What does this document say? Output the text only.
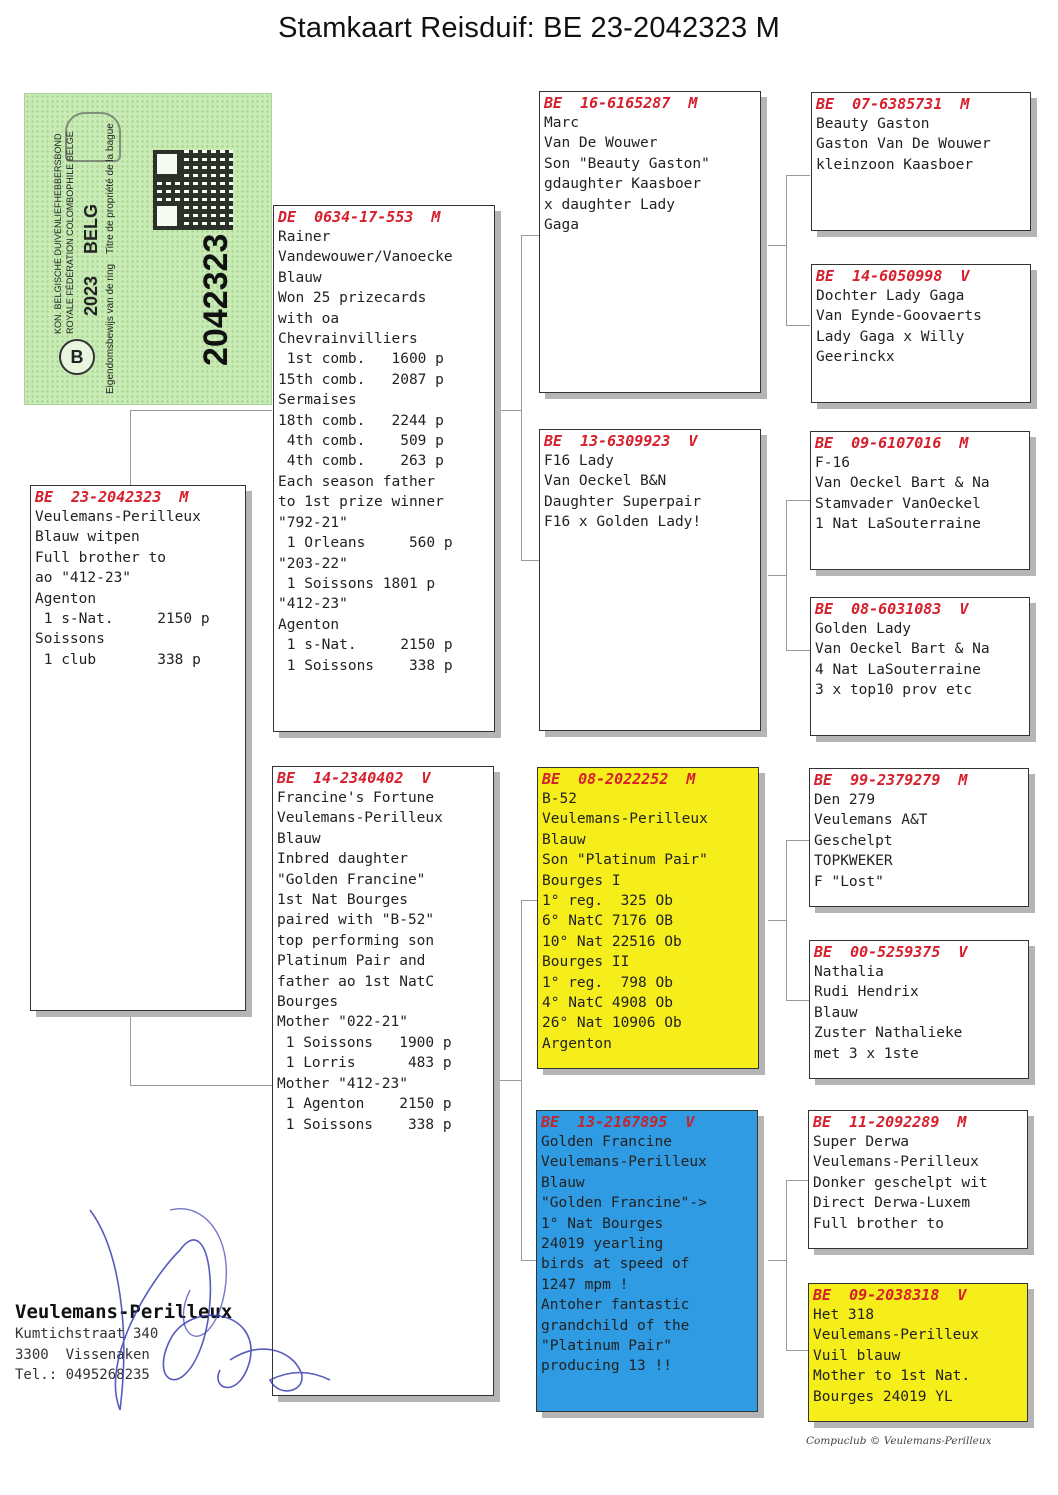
Stamkaart Reisduif: BE 23-2042323 M
B
KON. BELGISCHE DUIVENLIEFHEBBERSBOND ROYALE FÉDÉRATION COLOMBOPHILE BELGE 2023
BELG
Eigendomsbewijs van de ring
Titre de propriété de la bague
2042323
BE 23-2042323 M
Veulemans-Perilleux
Blauw witpen
Full brother to
ao "412-23"
Agenton
1 s-Nat.     2150 p
Soissons
1 club       338 p
DE 0634-17-553 M
Rainer
Vandewouwer/Vanoecke
Blauw
Won 25 prizecards
with oa
Chevrainvilliers
1st comb.   1600 p
15th comb.   2087 p
Sermaises
18th comb.   2244 p
4th comb.    509 p
4th comb.    263 p
Each season father
to 1st prize winner
"792-21"
1 Orleans     560 p
"203-22"
1 Soissons 1801 p
"412-23"
Agenton
1 s-Nat.     2150 p
1 Soissons    338 p
BE 14-2340402 V
Francine's Fortune
Veulemans-Perilleux
Blauw
Inbred daughter
"Golden Francine"
1st Nat Bourges
paired with "B-52"
top performing son
Platinum Pair and
father ao 1st NatC
Bourges
Mother "022-21"
1 Soissons   1900 p
1 Lorris      483 p
Mother "412-23"
1 Agenton    2150 p
1 Soissons    338 p
BE 16-6165287 M
Marc
Van De Wouwer
Son "Beauty Gaston"
gdaughter Kaasboer
x daughter Lady
Gaga
BE 13-6309923 V
F16 Lady
Van Oeckel B&N
Daughter Superpair
F16 x Golden Lady!
BE 08-2022252 M
B-52
Veulemans-Perilleux
Blauw
Son "Platinum Pair"
Bourges I
1° reg.  325 Ob
6° NatC 7176 OB
10° Nat 22516 Ob
Bourges II
1° reg.  798 Ob
4° NatC 4908 Ob
26° Nat 10906 Ob
Argenton
BE 13-2167895 V
Golden Francine
Veulemans-Perilleux
Blauw
"Golden Francine"->
1° Nat Bourges
24019 yearling
birds at speed of
1247 mpm !
Antoher fantastic
grandchild of the
"Platinum Pair"
producing 13 !!
BE 07-6385731 M
Beauty Gaston
Gaston Van De Wouwer
kleinzoon Kaasboer
BE 14-6050998 V
Dochter Lady Gaga
Van Eynde-Goovaerts
Lady Gaga x Willy
Geerinckx
BE 09-6107016 M
F-16
Van Oeckel Bart & Na
Stamvader VanOeckel
1 Nat LaSouterraine
BE 08-6031083 V
Golden Lady
Van Oeckel Bart & Na
4 Nat LaSouterraine
3 x top10 prov etc
BE 99-2379279 M
Den 279
Veulemans A&T
Geschelpt
TOPKWEKER
F "Lost"
BE 00-5259375 V
Nathalia
Rudi Hendrix
Blauw
Zuster Nathalieke
met 3 x 1ste
BE 11-2092289 M
Super Derwa
Veulemans-Perilleux
Donker geschelpt wit
Direct Derwa-Luxem
Full brother to
BE 09-2038318 V
Het 318
Veulemans-Perilleux
Vuil blauw
Mother to 1st Nat.
Bourges 24019 YL
Veulemans-Perilleux
Kumtichstraat 340
3300  Vissenaken
Tel.: 0495268235
Compuclub © Veulemans-Perilleux
